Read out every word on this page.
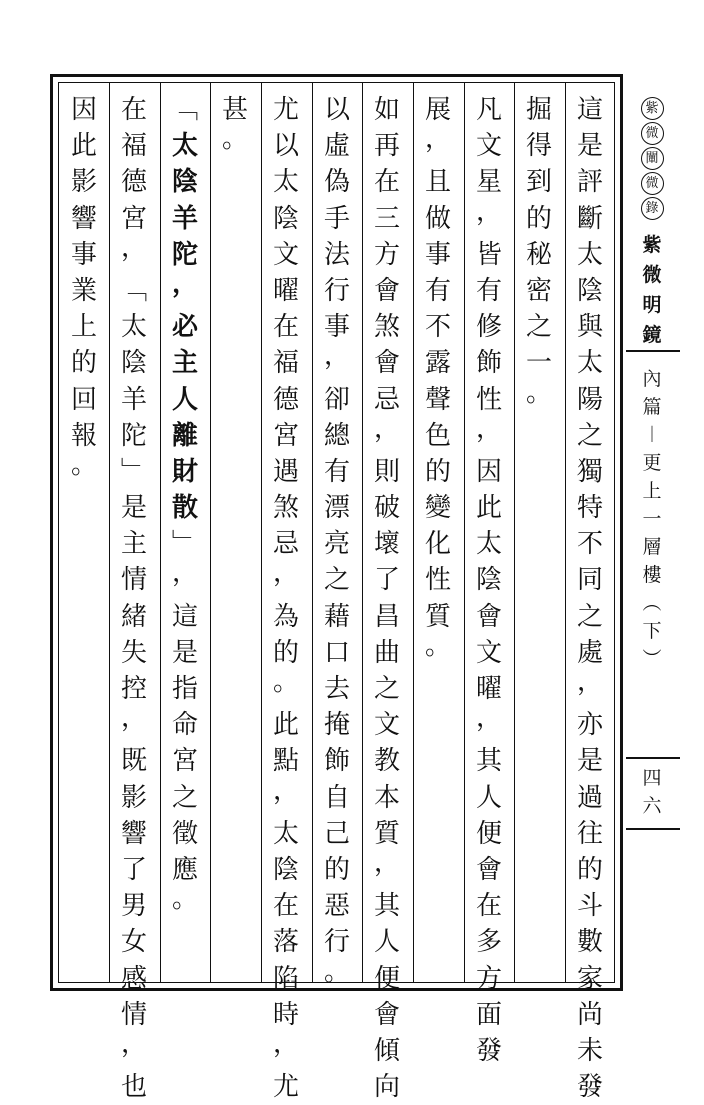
這
是
評
斷
太
陰
與
太
陽
之
獨
特
不
同
之
處
，
亦
是
過
往
的
斗
數
家
尚
未
發
掘
得
到
的
秘
密
之
一
。
凡
文
星
，
皆
有
修
飾
性
，
因
此
太
陰
會
文
曜
，
其
人
便
會
在
多
方
面
發
展
，
且
做
事
有
不
露
聲
色
的
變
化
性
質
。
如
再
在
三
方
會
煞
會
忌
，
則
破
壞
了
昌
曲
之
文
教
本
質
，
其
人
便
會
傾
向
以
虛
偽
手
法
行
事
，
卻
總
有
漂
亮
之
藉
口
去
掩
飾
自
己
的
惡
行
。
尤
以
太
陰
文
曜
在
福
德
宮
遇
煞
忌
，
為
的
。
此
點
，
太
陰
在
落
陷
時
，
尤
甚
。
﹁
太
陰
羊
陀
，
必
主
人
離
財
散
﹂
，
這
是
指
命
宮
之
徵
應
。
在
福
德
宮
，
﹁
太
陰
羊
陀
﹂
是
主
情
緒
失
控
，
既
影
響
了
男
女
感
情
，
也
因
此
影
響
事
業
上
的
回
報
。
紫
微
闡
微
錄
紫
微
明
鏡
內
篇
︱
更
上
一
層
樓
︵
下
︶
四
六
